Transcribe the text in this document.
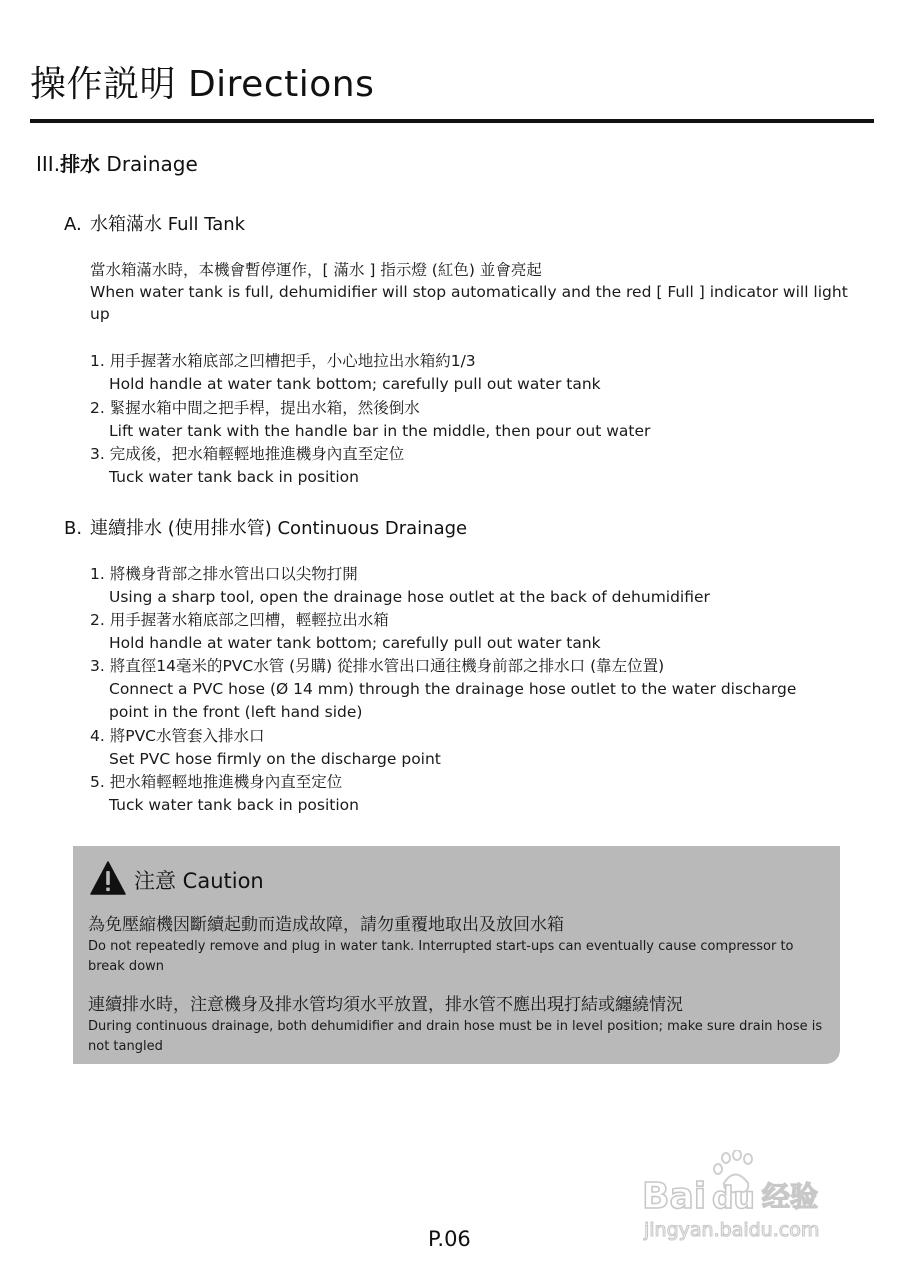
操作説明 Directions
III.排水 Drainage
A. 水箱滿水 Full Tank
當水箱滿水時，本機會暫停運作，[ 滿水 ] 指示燈 (紅色) 並會亮起
When water tank is full, dehumidifier will stop automatically and the red [ Full ] indicator will light up
1. 用手握著水箱底部之凹槽把手，小心地拉出水箱約1/3
Hold handle at water tank bottom; carefully pull out water tank
2. 緊握水箱中間之把手桿，提出水箱，然後倒水
Lift water tank with the handle bar in the middle, then pour out water
3. 完成後，把水箱輕輕地推進機身內直至定位
Tuck water tank back in position
B. 連續排水 (使用排水管) Continuous Drainage
1. 將機身背部之排水管出口以尖物打開
Using a sharp tool, open the drainage hose outlet at the back of dehumidifier
2. 用手握著水箱底部之凹槽，輕輕拉出水箱
Hold handle at water tank bottom; carefully pull out water tank
3. 將直徑14毫米的PVC水管 (另購) 從排水管出口通往機身前部之排水口 (靠左位置)
Connect a PVC hose (Ø 14 mm) through the drainage hose outlet to the water discharge point in the front (left hand side)
4. 將PVC水管套入排水口
Set PVC hose firmly on the discharge point
5. 把水箱輕輕地推進機身內直至定位
Tuck water tank back in position
注意 Caution
為免壓縮機因斷續起動而造成故障，請勿重覆地取出及放回水箱
Do not repeatedly remove and plug in water tank. Interrupted start-ups can eventually cause compressor to break down
連續排水時，注意機身及排水管均須水平放置，排水管不應出現打結或纏繞情況
During continuous drainage, both dehumidifier and drain hose must be in level position; make sure drain hose is not tangled
Bai du 经验
jingyan.baidu.com
P.06
